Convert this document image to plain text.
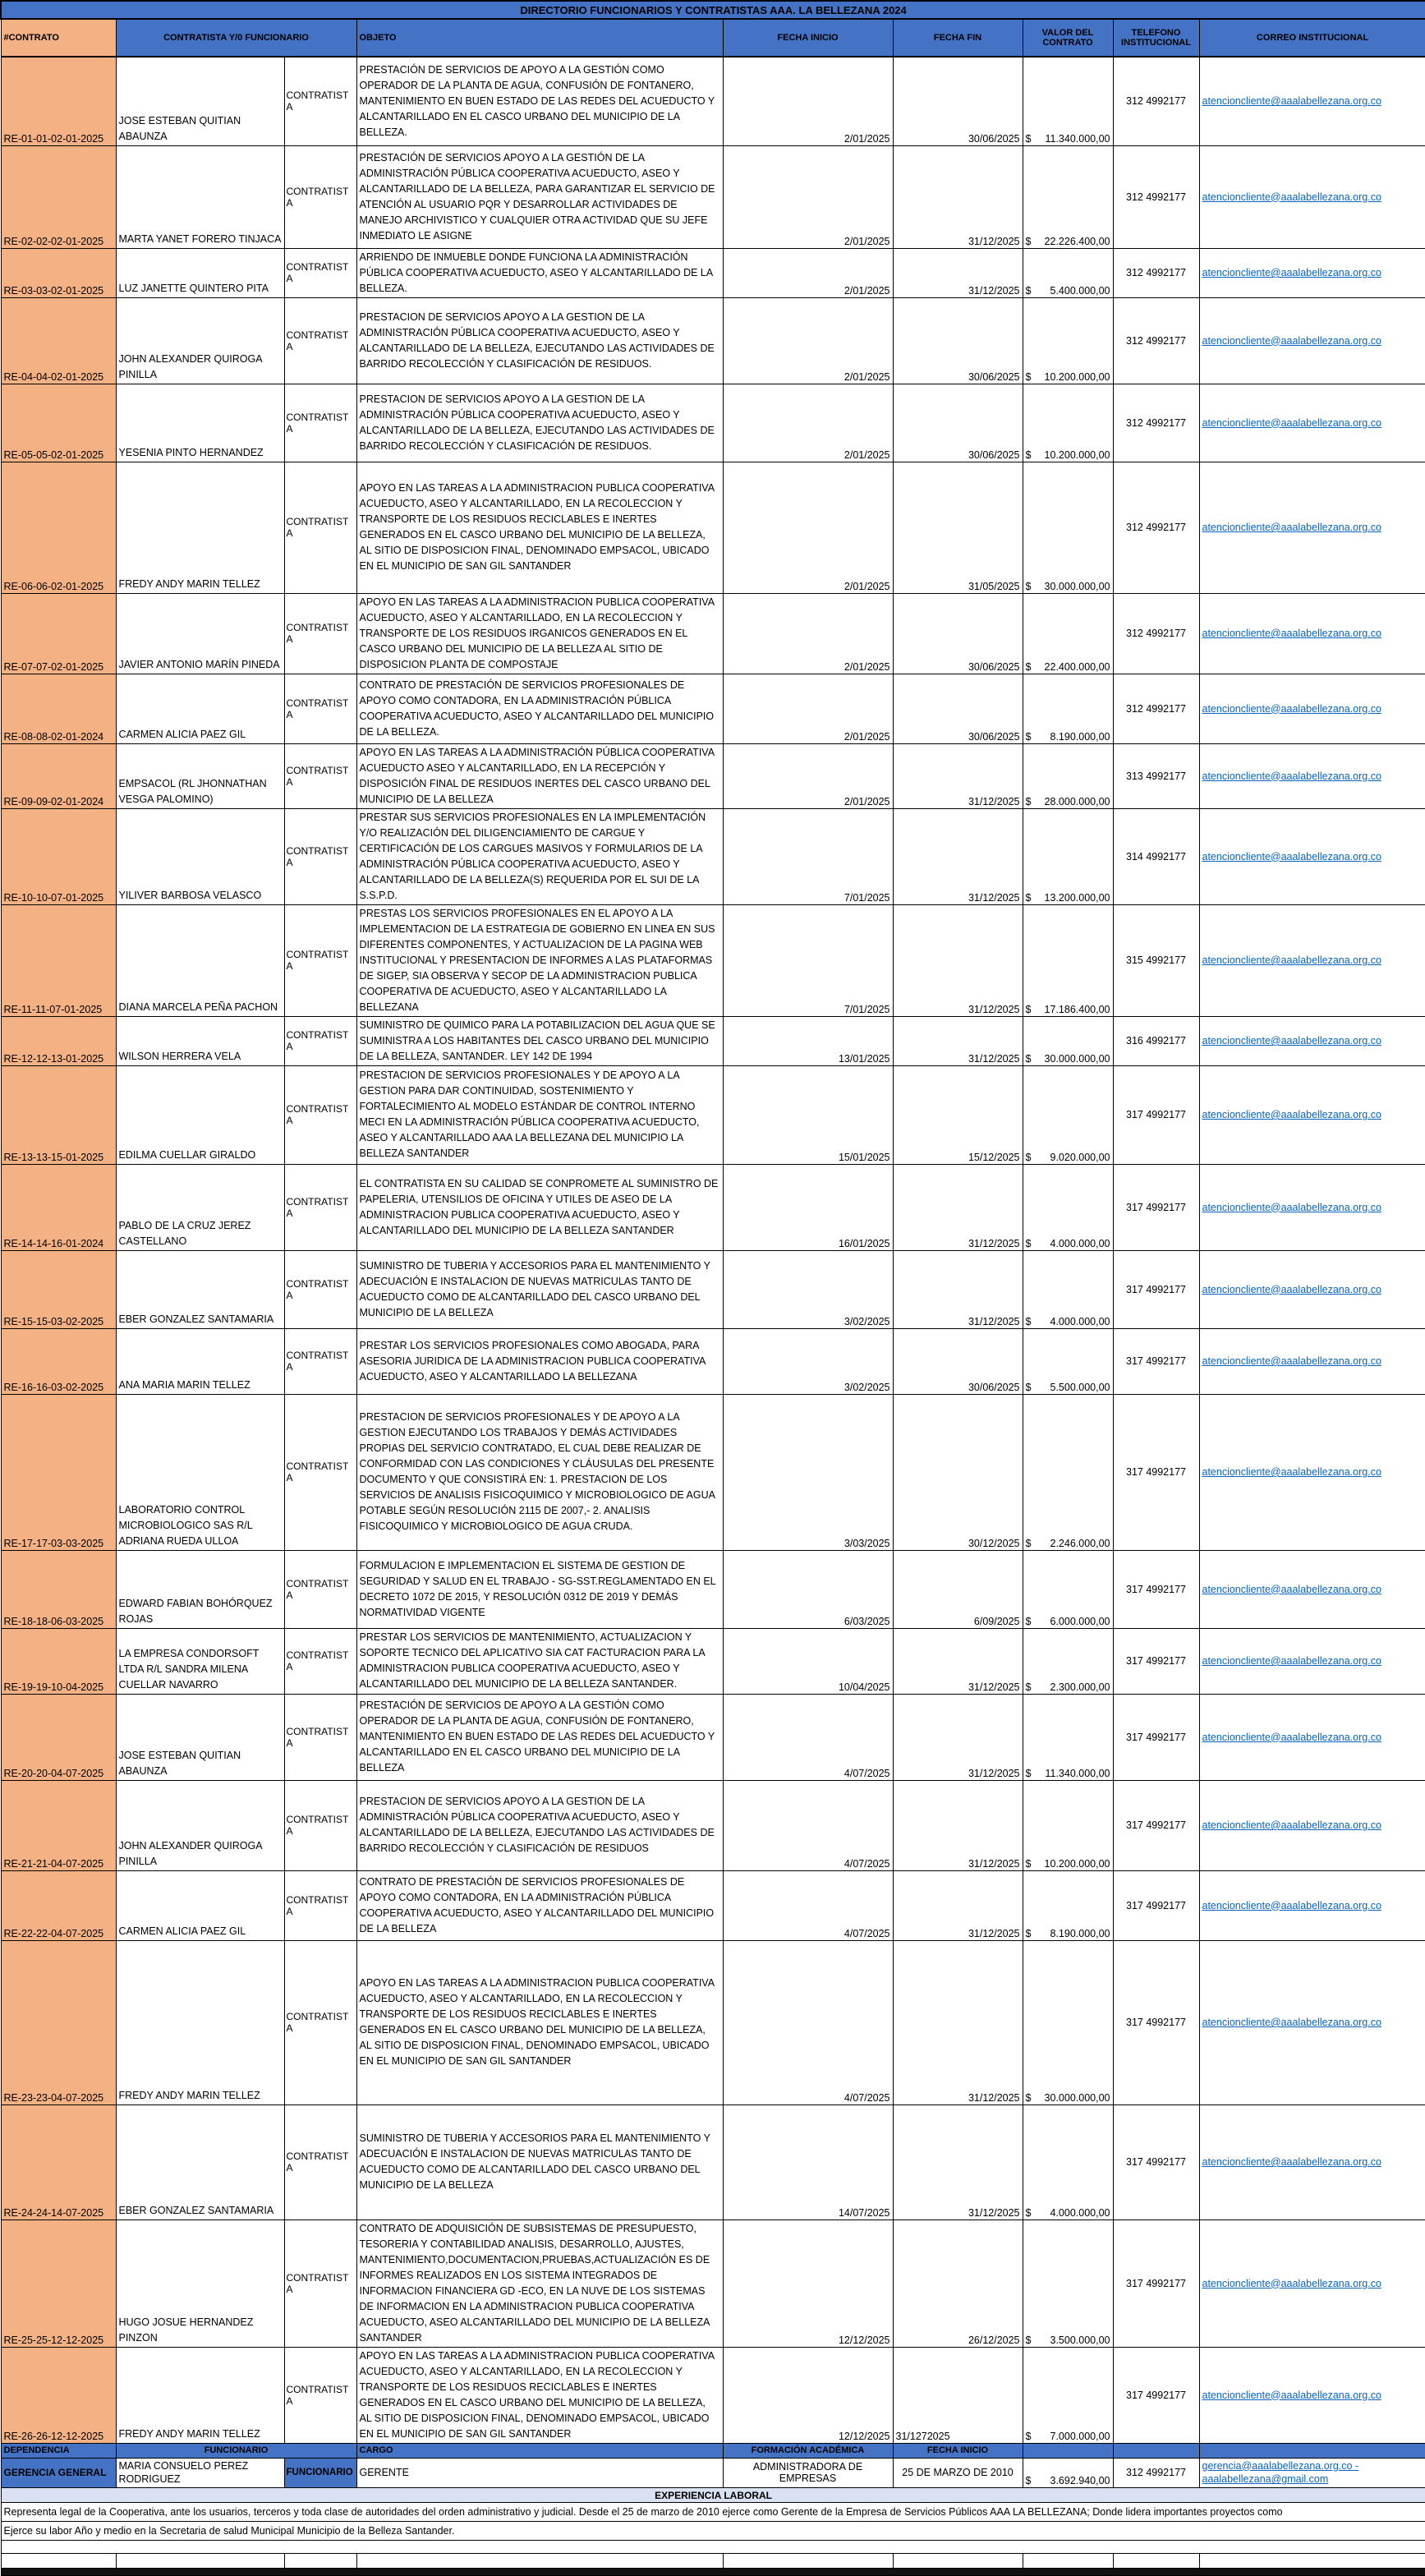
DIRECTORIO FUNCIONARIOS Y CONTRATISTAS AAA. LA BELLEZANA 2024								
#CONTRATO	CONTRATISTA Y/0 FUNCIONARIO		OBJETO	FECHA INICIO	FECHA FIN	VALOR DEL CONTRATO	TELEFONO INSTITUCIONAL	CORREO INSTITUCIONAL
RE-01-01-02-01-2025	JOSE ESTEBAN QUITIAN ABAUNZA	CONTRATISTA	PRESTACIÓN DE SERVICIOS DE APOYO A LA GESTIÓN COMO OPERADOR DE LA PLANTA DE AGUA, CONFUSIÓN DE FONTANERO, MANTENIMIENTO EN BUEN ESTADO DE LAS REDES DEL ACUEDUCTO Y ALCANTARILLADO EN EL CASCO URBANO DEL MUNICIPIO DE LA BELLEZA.	2/01/2025	30/06/2025	$ 11.340.000,00	312 4992177	atencioncliente@aaalabellezana.org.co
RE-02-02-02-01-2025	MARTA YANET FORERO TINJACA	CONTRATISTA	PRESTACIÓN DE SERVICIOS APOYO A LA GESTIÓN DE LA ADMINISTRACIÓN PÚBLICA COOPERATIVA ACUEDUCTO, ASEO Y ALCANTARILLADO DE LA BELLEZA, PARA GARANTIZAR EL SERVICIO DE ATENCIÓN AL USUARIO PQR Y DESARROLLAR ACTIVIDADES DE MANEJO ARCHIVISTICO Y CUALQUIER OTRA ACTIVIDAD QUE SU JEFE INMEDIATO LE ASIGNE	2/01/2025	31/12/2025	$ 22.226.400,00	312 4992177	atencioncliente@aaalabellezana.org.co
RE-03-03-02-01-2025	LUZ JANETTE QUINTERO PITA	CONTRATISTA	ARRIENDO DE INMUEBLE DONDE FUNCIONA LA ADMINISTRACIÓN PÚBLICA COOPERATIVA ACUEDUCTO, ASEO Y ALCANTARILLADO DE LA BELLEZA.	2/01/2025	31/12/2025	$ 5.400.000,00	312 4992177	atencioncliente@aaalabellezana.org.co
RE-04-04-02-01-2025	JOHN ALEXANDER QUIROGA PINILLA	CONTRATISTA	PRESTACION DE SERVICIOS APOYO A LA GESTION DE LA ADMINISTRACIÓN PÚBLICA COOPERATIVA ACUEDUCTO, ASEO Y ALCANTARILLADO DE LA BELLEZA, EJECUTANDO LAS ACTIVIDADES DE BARRIDO RECOLECCIÓN Y CLASIFICACIÓN DE RESIDUOS.	2/01/2025	30/06/2025	$ 10.200.000,00	312 4992177	atencioncliente@aaalabellezana.org.co
RE-05-05-02-01-2025	YESENIA PINTO HERNANDEZ	CONTRATISTA	PRESTACION DE SERVICIOS APOYO A LA GESTION DE LA ADMINISTRACIÓN PÚBLICA COOPERATIVA ACUEDUCTO, ASEO Y ALCANTARILLADO DE LA BELLEZA, EJECUTANDO LAS ACTIVIDADES DE BARRIDO RECOLECCIÓN Y CLASIFICACIÓN DE RESIDUOS.	2/01/2025	30/06/2025	$ 10.200.000,00	312 4992177	atencioncliente@aaalabellezana.org.co
RE-06-06-02-01-2025	FREDY ANDY MARIN TELLEZ	CONTRATISTA	APOYO EN LAS TAREAS A LA ADMINISTRACION PUBLICA COOPERATIVA ACUEDUCTO, ASEO Y ALCANTARILLADO, EN LA RECOLECCION Y TRANSPORTE DE LOS RESIDUOS RECICLABLES E INERTES GENERADOS EN EL CASCO URBANO DEL MUNICIPIO DE LA BELLEZA, AL SITIO DE DISPOSICION FINAL, DENOMINADO EMPSACOL, UBICADO EN EL MUNICIPIO DE SAN GIL SANTANDER	2/01/2025	31/05/2025	$ 30.000.000,00	312 4992177	atencioncliente@aaalabellezana.org.co
RE-07-07-02-01-2025	JAVIER ANTONIO MARÍN PINEDA	CONTRATISTA	APOYO EN LAS TAREAS A LA ADMINISTRACION PUBLICA COOPERATIVA ACUEDUCTO, ASEO Y ALCANTARILLADO, EN LA RECOLECCION Y TRANSPORTE DE LOS RESIDUOS IRGANICOS GENERADOS EN EL CASCO URBANO DEL MUNICIPIO DE LA BELLEZA AL SITIO DE DISPOSICION PLANTA DE COMPOSTAJE	2/01/2025	30/06/2025	$ 22.400.000,00	312 4992177	atencioncliente@aaalabellezana.org.co
RE-08-08-02-01-2024	CARMEN ALICIA PAEZ GIL	CONTRATISTA	CONTRATO DE PRESTACIÓN DE SERVICIOS PROFESIONALES DE APOYO COMO CONTADORA, EN LA ADMINISTRACIÓN PÚBLICA COOPERATIVA ACUEDUCTO, ASEO Y ALCANTARILLADO DEL MUNICIPIO DE LA BELLEZA.	2/01/2025	30/06/2025	$ 8.190.000,00	312 4992177	atencioncliente@aaalabellezana.org.co
RE-09-09-02-01-2024	EMPSACOL (RL JHONNATHAN VESGA PALOMINO)	CONTRATISTA	APOYO EN LAS TAREAS A LA ADMINISTRACIÓN PÚBLICA COOPERATIVA ACUEDUCTO ASEO Y ALCANTARILLADO, EN LA RECEPCIÓN Y DISPOSICIÓN FINAL DE RESIDUOS INERTES DEL CASCO URBANO DEL MUNICIPIO DE LA BELLEZA	2/01/2025	31/12/2025	$ 28.000.000,00	313 4992177	atencioncliente@aaalabellezana.org.co
RE-10-10-07-01-2025	YILIVER BARBOSA VELASCO	CONTRATISTA	PRESTAR SUS SERVICIOS PROFESIONALES EN LA IMPLEMENTACIÓN Y/O REALIZACIÓN DEL DILIGENCIAMIENTO DE CARGUE Y CERTIFICACIÓN DE LOS CARGUES MASIVOS Y FORMULARIOS DE LA ADMINISTRACIÓN PÚBLICA COOPERATIVA ACUEDUCTO, ASEO Y ALCANTARILLADO DE LA BELLEZA(S) REQUERIDA POR EL SUI DE LA S.S.P.D.	7/01/2025	31/12/2025	$ 13.200.000,00	314 4992177	atencioncliente@aaalabellezana.org.co
RE-11-11-07-01-2025	DIANA MARCELA PEÑA PACHON	CONTRATISTA	PRESTAS LOS SERVICIOS PROFESIONALES EN EL APOYO A LA IMPLEMENTACION DE LA ESTRATEGIA DE GOBIERNO EN LINEA EN SUS DIFERENTES COMPONENTES, Y ACTUALIZACION DE LA PAGINA WEB INSTITUCIONAL Y PRESENTACION DE INFORMES A LAS PLATAFORMAS DE SIGEP, SIA OBSERVA Y SECOP DE LA ADMINISTRACION PUBLICA COOPERATIVA DE ACUEDUCTO, ASEO Y ALCANTARILLADO LA BELLEZANA	7/01/2025	31/12/2025	$ 17.186.400,00	315 4992177	atencioncliente@aaalabellezana.org.co
RE-12-12-13-01-2025	WILSON HERRERA VELA	CONTRATISTA	SUMINISTRO DE QUIMICO PARA LA POTABILIZACION DEL AGUA QUE SE SUMINISTRA A LOS HABITANTES DEL CASCO URBANO DEL MUNICIPIO DE LA BELLEZA, SANTANDER. LEY 142 DE 1994	13/01/2025	31/12/2025	$ 30.000.000,00	316 4992177	atencioncliente@aaalabellezana.org.co
RE-13-13-15-01-2025	EDILMA CUELLAR GIRALDO	CONTRATISTA	PRESTACION DE SERVICIOS PROFESIONALES Y DE APOYO A LA GESTION PARA DAR CONTINUIDAD, SOSTENIMIENTO Y FORTALECIMIENTO AL MODELO ESTÁNDAR DE CONTROL INTERNO MECI EN LA ADMINISTRACIÓN PÚBLICA COOPERATIVA ACUEDUCTO, ASEO Y ALCANTARILLADO AAA LA BELLEZANA DEL MUNICIPIO LA BELLEZA SANTANDER	15/01/2025	15/12/2025	$ 9.020.000,00	317 4992177	atencioncliente@aaalabellezana.org.co
RE-14-14-16-01-2024	PABLO DE LA CRUZ JEREZ CASTELLANO	CONTRATISTA	EL CONTRATISTA EN SU CALIDAD SE CONPROMETE AL SUMINISTRO DE PAPELERIA, UTENSILIOS DE OFICINA Y UTILES DE ASEO DE LA ADMINISTRACION PUBLICA COOPERATIVA ACUEDUCTO, ASEO Y ALCANTARILLADO DEL MUNICIPIO DE LA BELLEZA SANTANDER	16/01/2025	31/12/2025	$ 4.000.000,00	317 4992177	atencioncliente@aaalabellezana.org.co
RE-15-15-03-02-2025	EBER GONZALEZ SANTAMARIA	CONTRATISTA	SUMINISTRO DE TUBERIA Y ACCESORIOS PARA EL MANTENIMIENTO Y ADECUACIÓN E INSTALACION DE NUEVAS MATRICULAS TANTO DE ACUEDUCTO COMO DE ALCANTARILLADO DEL CASCO URBANO DEL MUNICIPIO DE LA BELLEZA	3/02/2025	31/12/2025	$ 4.000.000,00	317 4992177	atencioncliente@aaalabellezana.org.co
RE-16-16-03-02-2025	ANA MARIA MARIN TELLEZ	CONTRATISTA	PRESTAR LOS SERVICIOS PROFESIONALES COMO ABOGADA, PARA ASESORIA JURIDICA DE LA ADMINISTRACION PUBLICA COOPERATIVA ACUEDUCTO, ASEO Y ALCANTARILLADO LA BELLEZANA	3/02/2025	30/06/2025	$ 5.500.000,00	317 4992177	atencioncliente@aaalabellezana.org.co
RE-17-17-03-03-2025	LABORATORIO CONTROL MICROBIOLOGICO SAS R/L ADRIANA RUEDA ULLOA	CONTRATISTA	PRESTACION DE SERVICIOS PROFESIONALES Y DE APOYO A LA GESTION EJECUTANDO LOS TRABAJOS Y DEMÁS ACTIVIDADES PROPIAS DEL SERVICIO CONTRATADO, EL CUAL DEBE REALIZAR DE CONFORMIDAD CON LAS CONDICIONES Y CLÁUSULAS DEL PRESENTE DOCUMENTO Y QUE CONSISTIRÁ EN: 1. PRESTACION DE LOS SERVICIOS DE ANALISIS FISICOQUIMICO Y MICROBIOLOGICO DE AGUA POTABLE SEGÚN RESOLUCIÓN 2115 DE 2007,- 2. ANALISIS FISICOQUIMICO Y MICROBIOLOGICO DE AGUA CRUDA.	3/03/2025	30/12/2025	$ 2.246.000,00	317 4992177	atencioncliente@aaalabellezana.org.co
RE-18-18-06-03-2025	EDWARD FABIAN BOHÓRQUEZ ROJAS	CONTRATISTA	FORMULACION E IMPLEMENTACION EL SISTEMA DE GESTION DE SEGURIDAD Y SALUD EN EL TRABAJO - SG-SST.REGLAMENTADO EN EL DECRETO 1072 DE 2015, Y RESOLUCIÓN 0312 DE 2019 Y DEMÁS NORMATIVIDAD VIGENTE	6/03/2025	6/09/2025	$ 6.000.000,00	317 4992177	atencioncliente@aaalabellezana.org.co
RE-19-19-10-04-2025	LA EMPRESA CONDORSOFT LTDA R/L SANDRA MILENA CUELLAR NAVARRO	CONTRATISTA	PRESTAR LOS SERVICIOS DE MANTENIMIENTO, ACTUALIZACION Y SOPORTE TECNICO DEL APLICATIVO SIA CAT FACTURACION PARA LA ADMINISTRACION PUBLICA COOPERATIVA ACUEDUCTO, ASEO Y ALCANTARILLADO DEL MUNICIPIO DE LA BELLEZA SANTANDER.	10/04/2025	31/12/2025	$ 2.300.000,00	317 4992177	atencioncliente@aaalabellezana.org.co
RE-20-20-04-07-2025	JOSE ESTEBAN QUITIAN ABAUNZA	CONTRATISTA	PRESTACIÓN DE SERVICIOS DE APOYO A LA GESTIÓN COMO OPERADOR DE LA PLANTA DE AGUA, CONFUSIÓN DE FONTANERO, MANTENIMIENTO EN BUEN ESTADO DE LAS REDES DEL ACUEDUCTO Y ALCANTARILLADO EN EL CASCO URBANO DEL MUNICIPIO DE LA BELLEZA	4/07/2025	31/12/2025	$ 11.340.000,00	317 4992177	atencioncliente@aaalabellezana.org.co
RE-21-21-04-07-2025	JOHN ALEXANDER QUIROGA PINILLA	CONTRATISTA	PRESTACION DE SERVICIOS APOYO A LA GESTION DE LA ADMINISTRACIÓN PÚBLICA COOPERATIVA ACUEDUCTO, ASEO Y ALCANTARILLADO DE LA BELLEZA, EJECUTANDO LAS ACTIVIDADES DE BARRIDO RECOLECCIÓN Y CLASIFICACIÓN DE RESIDUOS	4/07/2025	31/12/2025	$ 10.200.000,00	317 4992177	atencioncliente@aaalabellezana.org.co
RE-22-22-04-07-2025	CARMEN ALICIA PAEZ GIL	CONTRATISTA	CONTRATO DE PRESTACIÓN DE SERVICIOS PROFESIONALES DE APOYO COMO CONTADORA, EN LA ADMINISTRACIÓN PÚBLICA COOPERATIVA ACUEDUCTO, ASEO Y ALCANTARILLADO DEL MUNICIPIO DE LA BELLEZA	4/07/2025	31/12/2025	$ 8.190.000,00	317 4992177	atencioncliente@aaalabellezana.org.co
RE-23-23-04-07-2025	FREDY ANDY MARIN TELLEZ	CONTRATISTA	APOYO EN LAS TAREAS A LA ADMINISTRACION PUBLICA COOPERATIVA ACUEDUCTO, ASEO Y ALCANTARILLADO, EN LA RECOLECCION Y TRANSPORTE DE LOS RESIDUOS RECICLABLES E INERTES GENERADOS EN EL CASCO URBANO DEL MUNICIPIO DE LA BELLEZA, AL SITIO DE DISPOSICION FINAL, DENOMINADO EMPSACOL, UBICADO EN EL MUNICIPIO DE SAN GIL SANTANDER	4/07/2025	31/12/2025	$ 30.000.000,00	317 4992177	atencioncliente@aaalabellezana.org.co
RE-24-24-14-07-2025	EBER GONZALEZ SANTAMARIA	CONTRATISTA	SUMINISTRO DE TUBERIA Y ACCESORIOS PARA EL MANTENIMIENTO Y ADECUACIÓN E INSTALACION DE NUEVAS MATRICULAS TANTO DE ACUEDUCTO COMO DE ALCANTARILLADO DEL CASCO URBANO DEL MUNICIPIO DE LA BELLEZA	14/07/2025	31/12/2025	$ 4.000.000,00	317 4992177	atencioncliente@aaalabellezana.org.co
RE-25-25-12-12-2025	HUGO JOSUE HERNANDEZ PINZON	CONTRATISTA	CONTRATO DE ADQUISICIÓN DE SUBSISTEMAS DE PRESUPUESTO, TESORERIA Y CONTABILIDAD ANALISIS, DESARROLLO, AJUSTES, MANTENIMIENTO,DOCUMENTACION,PRUEBAS,ACTUALIZACIÓN ES DE INFORMES REALIZADOS EN LOS SISTEMA INTEGRADOS DE INFORMACION FINANCIERA GD -ECO, EN LA NUVE DE LOS SISTEMAS DE INFORMACION EN LA ADMINISTRACION PUBLICA COOPERATIVA ACUEDUCTO, ASEO ALCANTARILLADO DEL MUNICIPIO DE LA BELLEZA SANTANDER	12/12/2025	26/12/2025	$ 3.500.000,00	317 4992177	atencioncliente@aaalabellezana.org.co
RE-26-26-12-12-2025	FREDY ANDY MARIN TELLEZ	CONTRATISTA	APOYO EN LAS TAREAS A LA ADMINISTRACION PUBLICA COOPERATIVA ACUEDUCTO, ASEO Y ALCANTARILLADO, EN LA RECOLECCION Y TRANSPORTE DE LOS RESIDUOS RECICLABLES E INERTES GENERADOS EN EL CASCO URBANO DEL MUNICIPIO DE LA BELLEZA, AL SITIO DE DISPOSICION FINAL, DENOMINADO EMPSACOL, UBICADO EN EL MUNICIPIO DE SAN GIL SANTANDER	12/12/2025	31/1272025	$ 7.000.000,00	317 4992177	atencioncliente@aaalabellezana.org.co
DEPENDENCIA	FUNCIONARIO		CARGO	FORMACIÓN ACADÉMICA	FECHA INICIO			
GERENCIA GENERAL	MARIA CONSUELO PEREZ RODRIGUEZ	FUNCIONARIO	GERENTE	ADMINISTRADORA DE EMPRESAS	25 DE MARZO DE 2010	$ 3.692.940,00	312 4992177	gerencia@aaalabellezana.org.co -
aaalabellezana@gmail.com
EXPERIENCIA LABORAL								
Representa legal de la Cooperativa, ante los usuarios, terceros y toda clase de autoridades del orden administrativo y judicial. Desde el 25 de marzo de 2010 ejerce como Gerente de la Empresa de Servicios Públicos AAA LA BELLEZANA; Donde lidera importantes proyectos como								
Ejerce su labor Año y medio en la Secretaria de salud Municipal Municipio de la Belleza Santander.								
